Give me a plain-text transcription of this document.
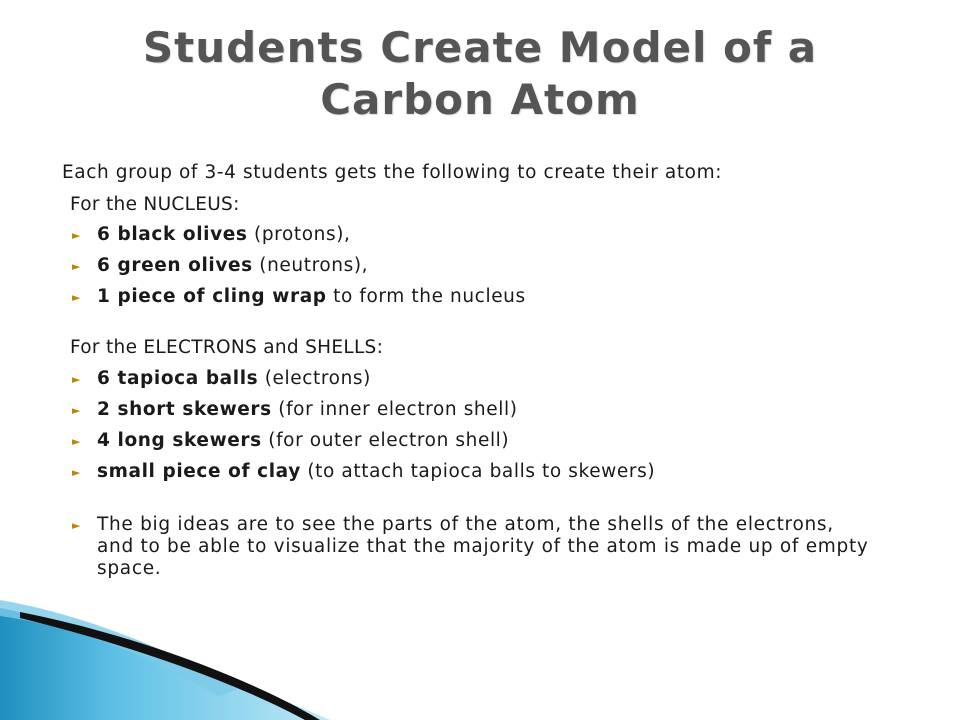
Students Create Model of a
Carbon Atom
Each group of 3-4 students gets the following to create their atom:
For the NUCLEUS:
► 6 black olives (protons),
► 6 green olives (neutrons),
► 1 piece of cling wrap to form the nucleus
For the ELECTRONS and SHELLS:
► 6 tapioca balls (electrons)
► 2 short skewers (for inner electron shell)
► 4 long skewers (for outer electron shell)
► small piece of clay (to attach tapioca balls to skewers)
► The big ideas are to see the parts of the atom, the shells of the electrons, and to be able to visualize that the majority of the atom is made up of empty space.
